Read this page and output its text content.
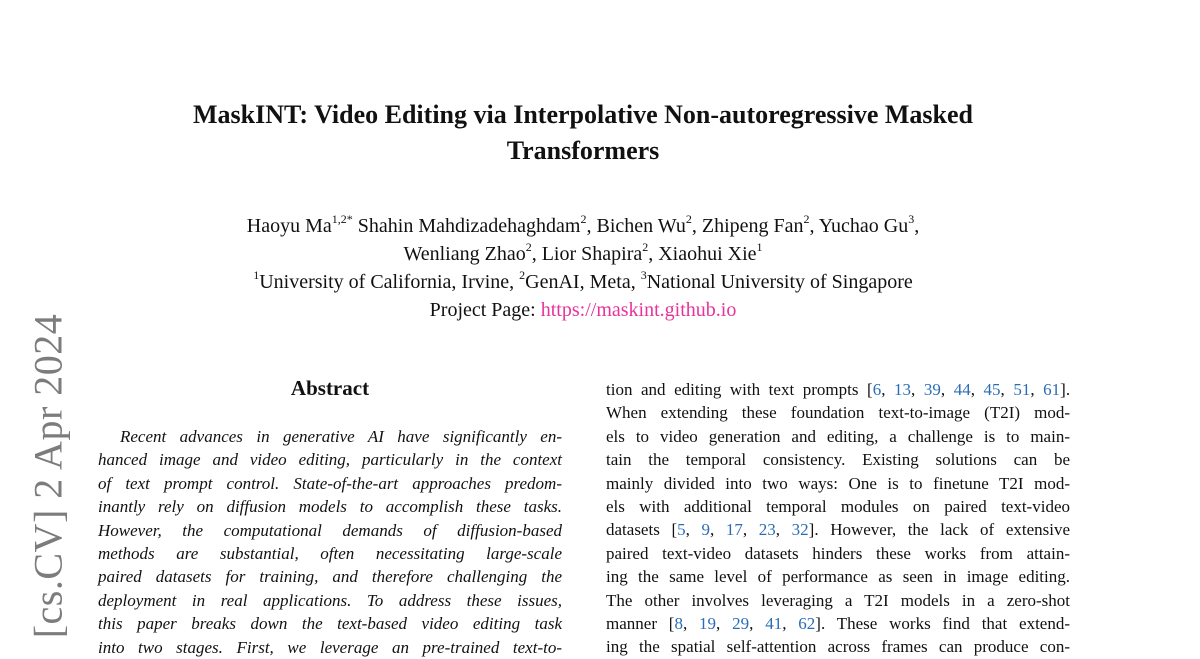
[cs.CV] 2 Apr 2024
MaskINT: Video Editing via Interpolative Non-autoregressive Masked
Transformers
Haoyu $Ma^{1,2*}$ Shahin Mahdizadehaghdam$^2$, Bichen Wu$^2$, Zhipeng Fan$^2$, Yuchao Gu$^3$,
Wenliang Zhao$^2$, Lior Shapira$^2$, Xiaohui Xie$^1$
$^1$University of California, Irvine, $^2$GenAI, Meta, $^3$National University of Singapore
Project Page: https://maskint.github.io
Abstract
Recent advances in generative AI have significantly en-
hanced image and video editing, particularly in the context
of text prompt control. State-of-the-art approaches predom-
inantly rely on diffusion models to accomplish these tasks.
However, the computational demands of diffusion-based
methods are substantial, often necessitating large-scale
paired datasets for training, and therefore challenging the
deployment in real applications. To address these issues,
this paper breaks down the text-based video editing task
into two stages. First, we leverage an pre-trained text-to-
tion and editing with text prompts [6, 13, 39, 44, 45, 51, 61].
When extending these foundation text-to-image (T2I) mod-
els to video generation and editing, a challenge is to main-
tain the temporal consistency. Existing solutions can be
mainly divided into two ways: One is to finetune T2I mod-
els with additional temporal modules on paired text-video
datasets [5, 9, 17, 23, 32]. However, the lack of extensive
paired text-video datasets hinders these works from attain-
ing the same level of performance as seen in image editing.
The other involves leveraging a T2I models in a zero-shot
manner [8, 19, 29, 41, 62]. These works find that extend-
ing the spatial self-attention across frames can produce con-
